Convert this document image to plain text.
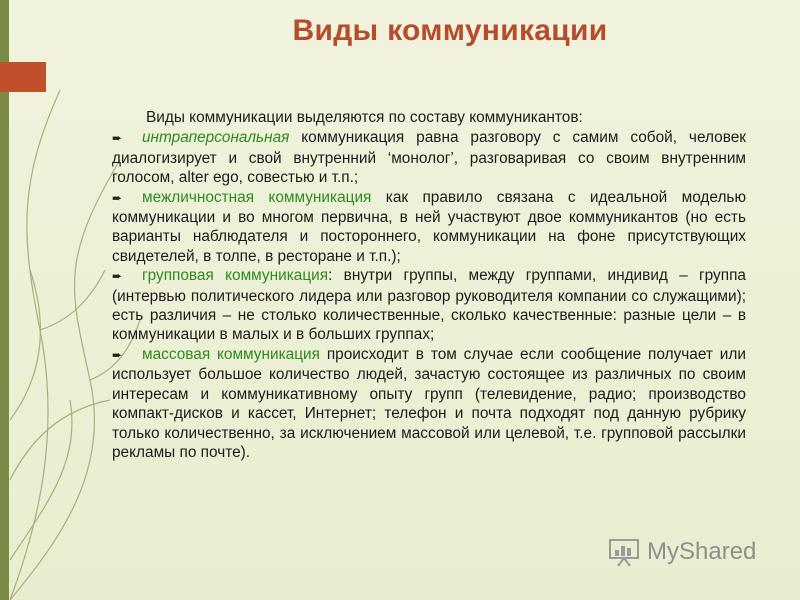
Виды коммуникации

Виды коммуникации выделяются по составу коммуникантов:

➨ интраперсональная коммуникация равна разговору с самим собой, человек диалогизирует и свой внутренний ‘монолог’, разговаривая со своим внутренним голосом, alter ego, совестью и т.п.;

➨ межличностная коммуникация как правило связана с идеальной моделью коммуникации и во многом первична, в ней участвуют двое коммуникантов (но есть варианты наблюдателя и постороннего, коммуникации на фоне присутствующих свидетелей, в толпе, в ресторане и т.п.);

➨ групповая коммуникация: внутри группы, между группами, индивид – группа (интервью политического лидера или разговор руководителя компании со служащими); есть различия – не столько количественные, сколько качественные: разные цели – в коммуникации в малых и в больших группах;

➨ массовая коммуникация происходит в том случае если сообщение получает или использует большое количество людей, зачастую состоящее из различных по своим интересам и коммуникативному опыту групп (телевидение, радио; производство компакт-дисков и кассет, Интернет; телефон и почта подходят под данную рубрику только количественно, за исключением массовой или целевой, т.е. групповой рассылки рекламы по почте).

MyShared
